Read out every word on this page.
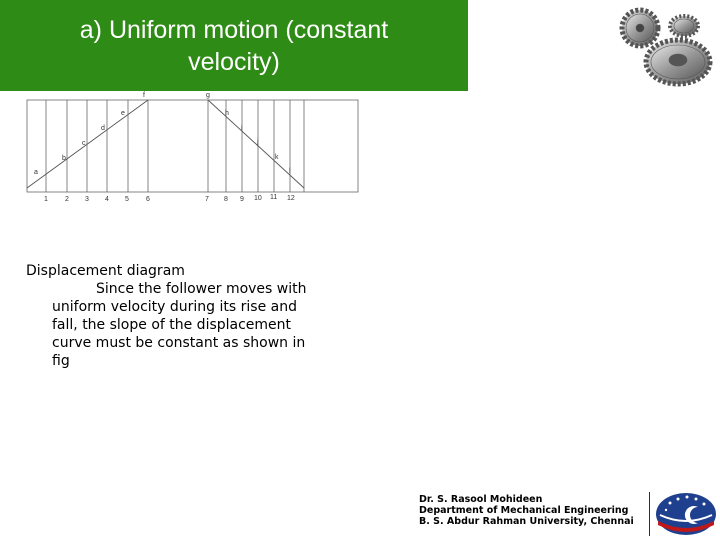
a) Uniform motion (constant
velocity)
a
b
c
d
e
f	g
h
i
j
k
l
1 2 3 4 5 6	7 8 9 10 11 12
Displacement diagram
Since the follower moves with uniform velocity during its rise and fall, the slope of the displacement curve must be constant as shown in fig
Dr. S. Rasool Mohideen
Department of Mechanical Engineering
B. S. Abdur Rahman University, Chennai
